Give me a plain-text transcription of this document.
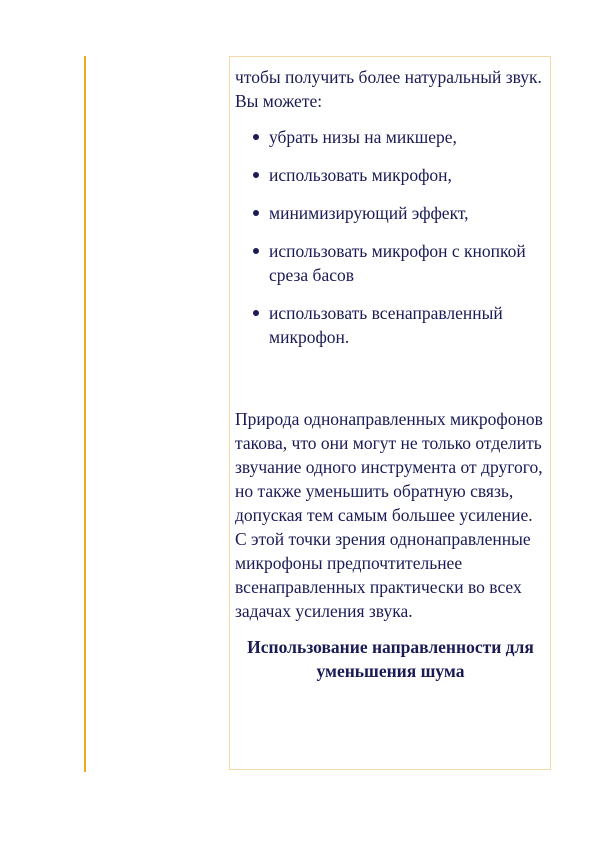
чтобы получить более натуральный звук. Вы можете:

убрать низы на микшере,
использовать микрофон,
минимизирующий эффект,
использовать микрофон с кнопкой среза басов
использовать всенаправленный микрофон.

Природа однонаправленных микрофонов такова, что они могут не только отделить звучание одного инструмента от другого, но также уменьшить обратную связь, допуская тем самым большее усиление. С этой точки зрения однонаправленные микрофоны предпочтительнее всенаправленных практически во всех задачах усиления звука.

Использование направленности для уменьшения шума
